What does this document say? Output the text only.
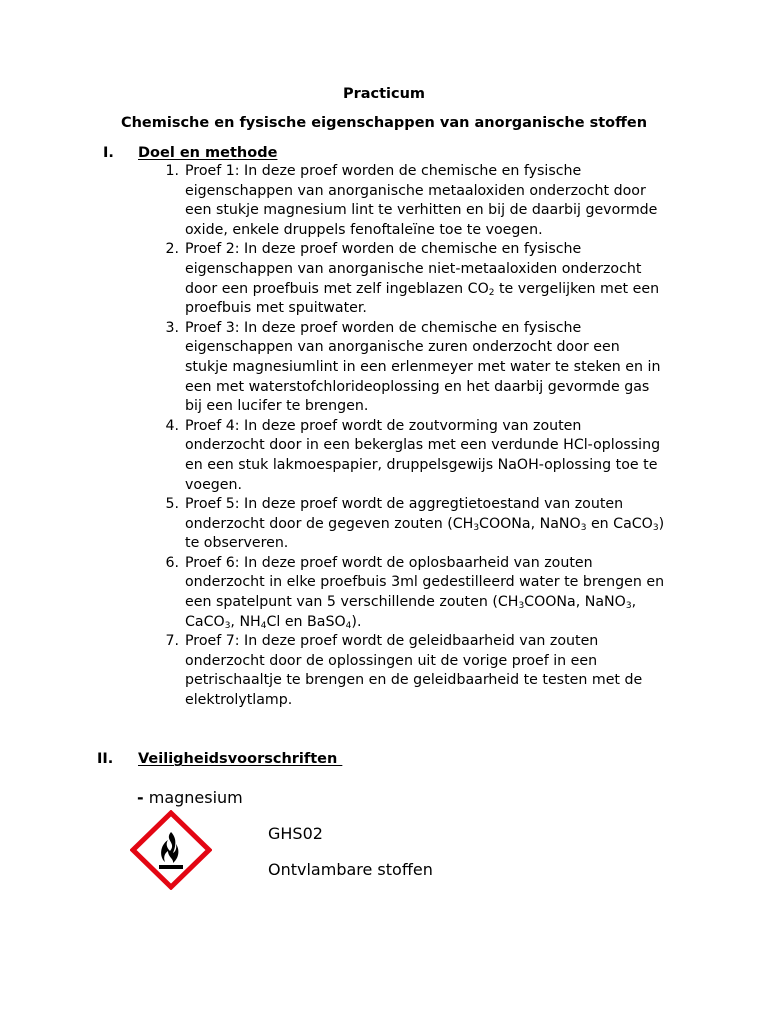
Practicum
Chemische en fysische eigenschappen van anorganische stoffen
I. Doel en methode
1. Proef 1: In deze proef worden de chemische en fysische eigenschappen van anorganische metaaloxiden onderzocht door een stukje magnesium lint te verhitten en bij de daarbij gevormde oxide, enkele druppels fenoftaleïne toe te voegen.
2. Proef 2: In deze proef worden de chemische en fysische eigenschappen van anorganische niet-metaaloxiden onderzocht door een proefbuis met zelf ingeblazen $CO_2$ te vergelijken met een proefbuis met spuitwater.
3. Proef 3: In deze proef worden de chemische en fysische eigenschappen van anorganische zuren onderzocht door een stukje magnesiumlint in een erlenmeyer met water te steken en in een met waterstofchlorideoplossing en het daarbij gevormde gas bij een lucifer te brengen.
4. Proef 4: In deze proef wordt de zoutvorming van zouten onderzocht door in een bekerglas met een verdunde HCl-oplossing en een stuk lakmoespapier, druppelsgewijs NaOH-oplossing toe te voegen.
5. Proef 5: In deze proef wordt de aggregtietoestand van zouten onderzocht door de gegeven zouten ($CH_3COONa$, NaNO$_3$ en CaCO$_3$) te observeren.
6. Proef 6: In deze proef wordt de oplosbaarheid van zouten onderzocht in elke proefbuis 3ml gedestilleerd water te brengen en een spatelpunt van 5 verschillende zouten ($CH_3COONa$, NaNO$_3$, CaCO$_3$, $NH_4Cl$ en BaSO$_4$).
7. Proef 7: In deze proef wordt de geleidbaarheid van zouten onderzocht door de oplossingen uit de vorige proef in een petrischaaltje te brengen en de geleidbaarheid te testen met de elektrolytlamp.
II. Veiligheidsvoorschriften
- magnesium
GHS02
Ontvlambare stoffen
